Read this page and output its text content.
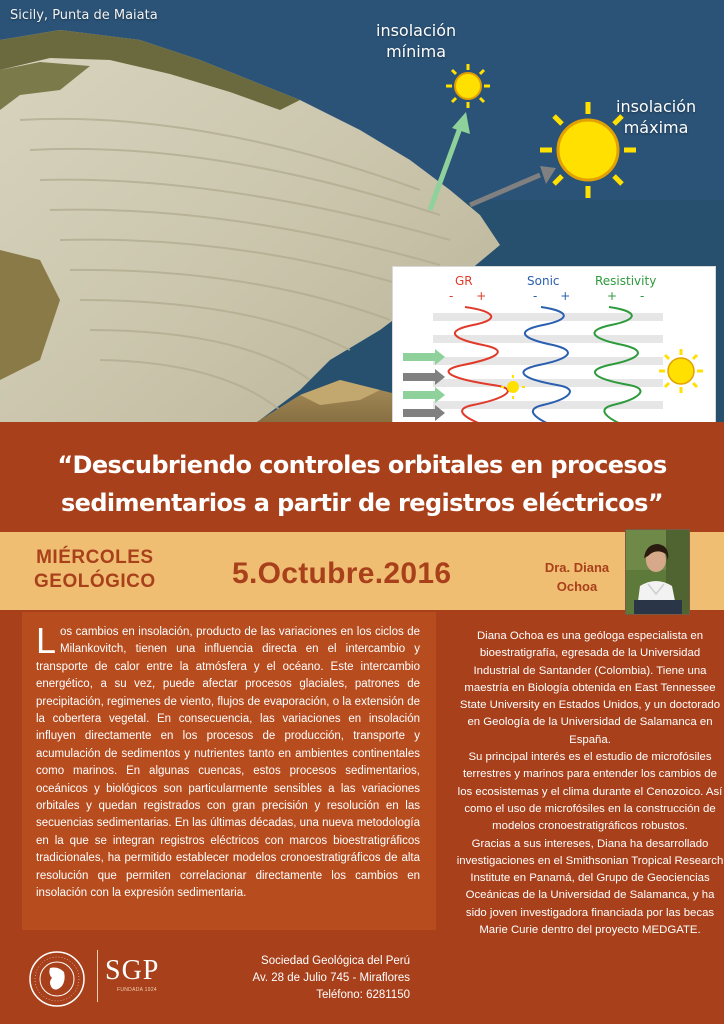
Sicily, Punta de Maiata
insolación
mínima
insolación
máxima
GR	Sonic	Resistivity
-      +	-      +	+      -
“Descubriendo controles orbitales en procesos sedimentarios a partir de registros eléctricos”
MIÉRCOLES
GEOLÓGICO	5.Octubre.2016	Dra. Diana
Ochoa
Los cambios en insolación, producto de las variaciones en los ciclos de Milankovitch, tienen una influencia directa en el intercambio y transporte de calor entre la atmósfera y el océano. Este intercambio energético, a su vez, puede afectar procesos glaciales, patrones de precipitación, regimenes de viento, flujos de evaporación, o la extensión de la cobertera vegetal. En consecuencia, las variaciones en insolación influyen directamente en los procesos de producción, transporte y acumulación de sedimentos y nutrientes tanto en ambientes continentales como marinos. En algunas cuencas, estos procesos sedimentarios, oceánicos y biológicos son particularmente sensibles a las variaciones orbitales y quedan registrados con gran precisión y resolución en las secuencias sedimentarias. En las últimas décadas, una nueva metodología en la que se integran registros eléctricos con marcos bioestratigráficos tradicionales, ha permitido establecer modelos cronoestratigráficos de alta resolución que permiten correlacionar directamente los cambios en insolación con la expresión sedimentaria.

Diana Ochoa es una geóloga especialista en bioestratigrafía, egresada de la Universidad Industrial de Santander (Colombia). Tiene una maestría en Biología obtenida en East Tennessee State University en Estados Unidos, y un doctorado en Geología de la Universidad de Salamanca en España.

Su principal interés es el estudio de microfósiles terrestres y marinos para entender los cambios de los ecosistemas y el clima durante el Cenozoico. Así como el uso de microfósiles en la construcción de modelos cronoestratigráficos robustos.

Gracias a sus intereses, Diana ha desarrollado investigaciones en el Smithsonian Tropical Research Institute en Panamá, del Grupo de Geociencias Oceánicas de la Universidad de Salamanca, y ha sido joven investigadora financiada por las becas Marie Curie dentro del proyecto MEDGATE.

SGP
FUNDADA 1924
Sociedad Geológica del Perú
Av. 28 de Julio 745 - Miraflores
Teléfono: 6281150
